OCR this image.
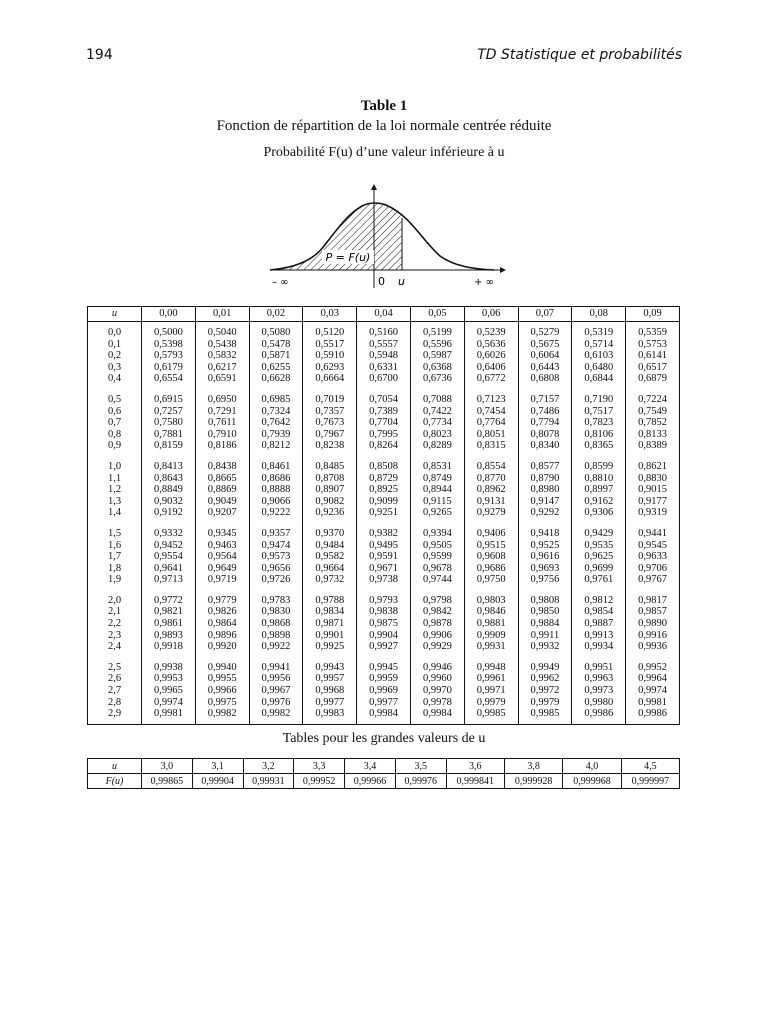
194	TD Statistique et probabilités
Table 1
Fonction de répartition de la loi normale centrée réduite
Probabilité F(u) d’une valeur inférieure à u
P = F(u)
– ∞	0 u	+ ∞
u	0,00	0,01	0,02	0,03	0,04	0,05	0,06	0,07	0,08	0,09
0,0	0,5000	0,5040	0,5080	0,5120	0,5160	0,5199	0,5239	0,5279	0,5319	0,5359
0,1	0,5398	0,5438	0,5478	0,5517	0,5557	0,5596	0,5636	0,5675	0,5714	0,5753
0,2	0,5793	0,5832	0,5871	0,5910	0,5948	0,5987	0,6026	0,6064	0,6103	0,6141
0,3	0,6179	0,6217	0,6255	0,6293	0,6331	0,6368	0,6406	0,6443	0,6480	0,6517
0,4	0,6554	0,6591	0,6628	0,6664	0,6700	0,6736	0,6772	0,6808	0,6844	0,6879
0,5	0,6915	0,6950	0,6985	0,7019	0,7054	0,7088	0,7123	0,7157	0,7190	0,7224
0,6	0,7257	0,7291	0,7324	0,7357	0,7389	0,7422	0,7454	0,7486	0,7517	0,7549
0,7	0,7580	0,7611	0,7642	0,7673	0,7704	0,7734	0,7764	0,7794	0,7823	0,7852
0,8	0,7881	0,7910	0,7939	0,7967	0,7995	0,8023	0,8051	0,8078	0,8106	0,8133
0,9	0,8159	0,8186	0,8212	0,8238	0,8264	0,8289	0,8315	0,8340	0,8365	0,8389
1,0	0,8413	0,8438	0,8461	0,8485	0,8508	0,8531	0,8554	0,8577	0,8599	0,8621
1,1	0,8643	0,8665	0,8686	0,8708	0,8729	0,8749	0,8770	0,8790	0,8810	0,8830
1,2	0,8849	0,8869	0,8888	0,8907	0,8925	0,8944	0,8962	0,8980	0,8997	0,9015
1,3	0,9032	0,9049	0,9066	0,9082	0,9099	0,9115	0,9131	0,9147	0,9162	0,9177
1,4	0,9192	0,9207	0,9222	0,9236	0,9251	0,9265	0,9279	0,9292	0,9306	0,9319
1,5	0,9332	0,9345	0,9357	0,9370	0,9382	0,9394	0,9406	0,9418	0,9429	0,9441
1,6	0,9452	0,9463	0,9474	0,9484	0,9495	0,9505	0,9515	0,9525	0,9535	0,9545
1,7	0,9554	0,9564	0,9573	0,9582	0,9591	0,9599	0,9608	0,9616	0,9625	0,9633
1,8	0,9641	0,9649	0,9656	0,9664	0,9671	0,9678	0,9686	0,9693	0,9699	0,9706
1,9	0,9713	0,9719	0,9726	0,9732	0,9738	0,9744	0,9750	0,9756	0,9761	0,9767
2,0	0,9772	0,9779	0,9783	0,9788	0,9793	0,9798	0,9803	0,9808	0,9812	0,9817
2,1	0,9821	0,9826	0,9830	0,9834	0,9838	0,9842	0,9846	0,9850	0,9854	0,9857
2,2	0,9861	0,9864	0,9868	0,9871	0,9875	0,9878	0,9881	0,9884	0,9887	0,9890
2,3	0,9893	0,9896	0,9898	0,9901	0,9904	0,9906	0,9909	0,9911	0,9913	0,9916
2,4	0,9918	0,9920	0,9922	0,9925	0,9927	0,9929	0,9931	0,9932	0,9934	0,9936
2,5	0,9938	0,9940	0,9941	0,9943	0,9945	0,9946	0,9948	0,9949	0,9951	0,9952
2,6	0,9953	0,9955	0,9956	0,9957	0,9959	0,9960	0,9961	0,9962	0,9963	0,9964
2,7	0,9965	0,9966	0,9967	0,9968	0,9969	0,9970	0,9971	0,9972	0,9973	0,9974
2,8	0,9974	0,9975	0,9976	0,9977	0,9977	0,9978	0,9979	0,9979	0,9980	0,9981
2,9	0,9981	0,9982	0,9982	0,9983	0,9984	0,9984	0,9985	0,9985	0,9986	0,9986
Tables pour les grandes valeurs de u
u	3,0	3,1	3,2	3,3	3,4	3,5	3,6	3,8	4,0	4,5
F(u)	0,99865	0,99904	0,99931	0,99952	0,99966	0,99976	0,999841	0,999928	0,999968	0,999997
